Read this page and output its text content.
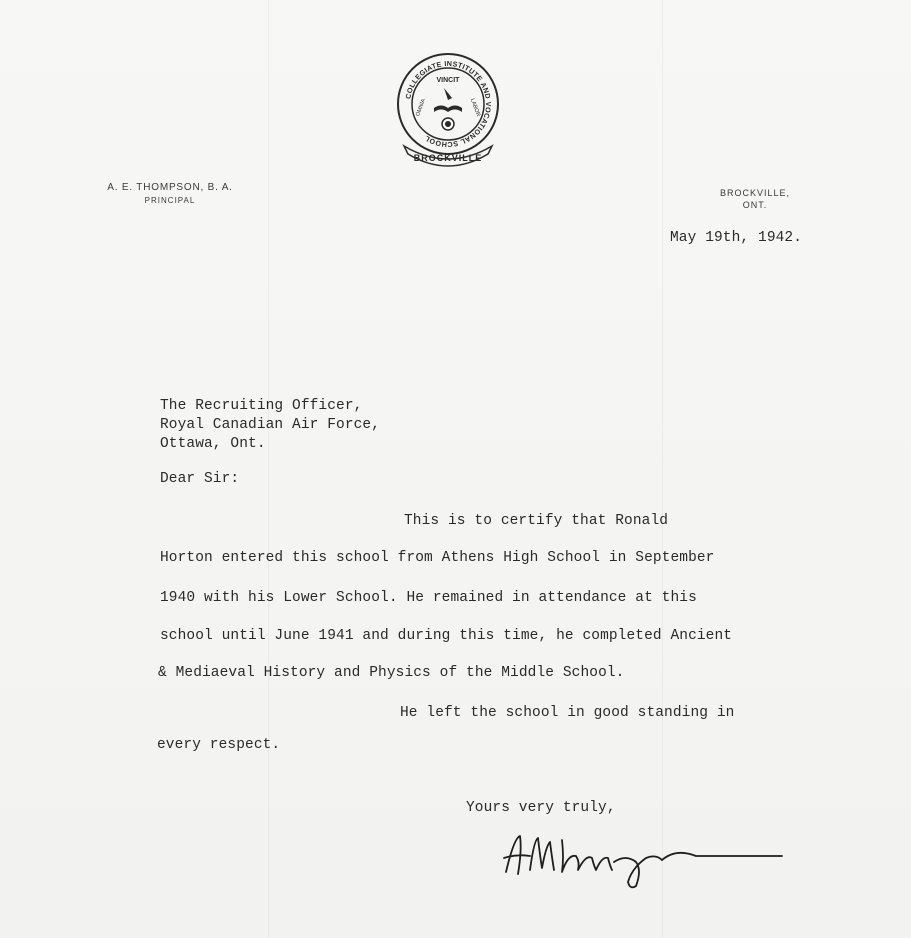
COLLEGIATE INSTITUTE AND VOCATIONAL SCHOOL
VINCIT
OMNIA	LABOR
BROCKVILLE
A. E. THOMPSON, B. A.
PRINCIPAL
BROCKVILLE,
ONT.
May 19th, 1942.
The Recruiting Officer,
Royal Canadian Air Force,
Ottawa, Ont.
Dear Sir:
This is to certify that Ronald
Horton entered this school from Athens High School in September
1940 with his Lower School. He remained in attendance at this
school until June 1941 and during this time, he completed Ancient
& Mediaeval History and Physics of the Middle School.
He left the school in good standing in
every respect.
Yours very truly,
